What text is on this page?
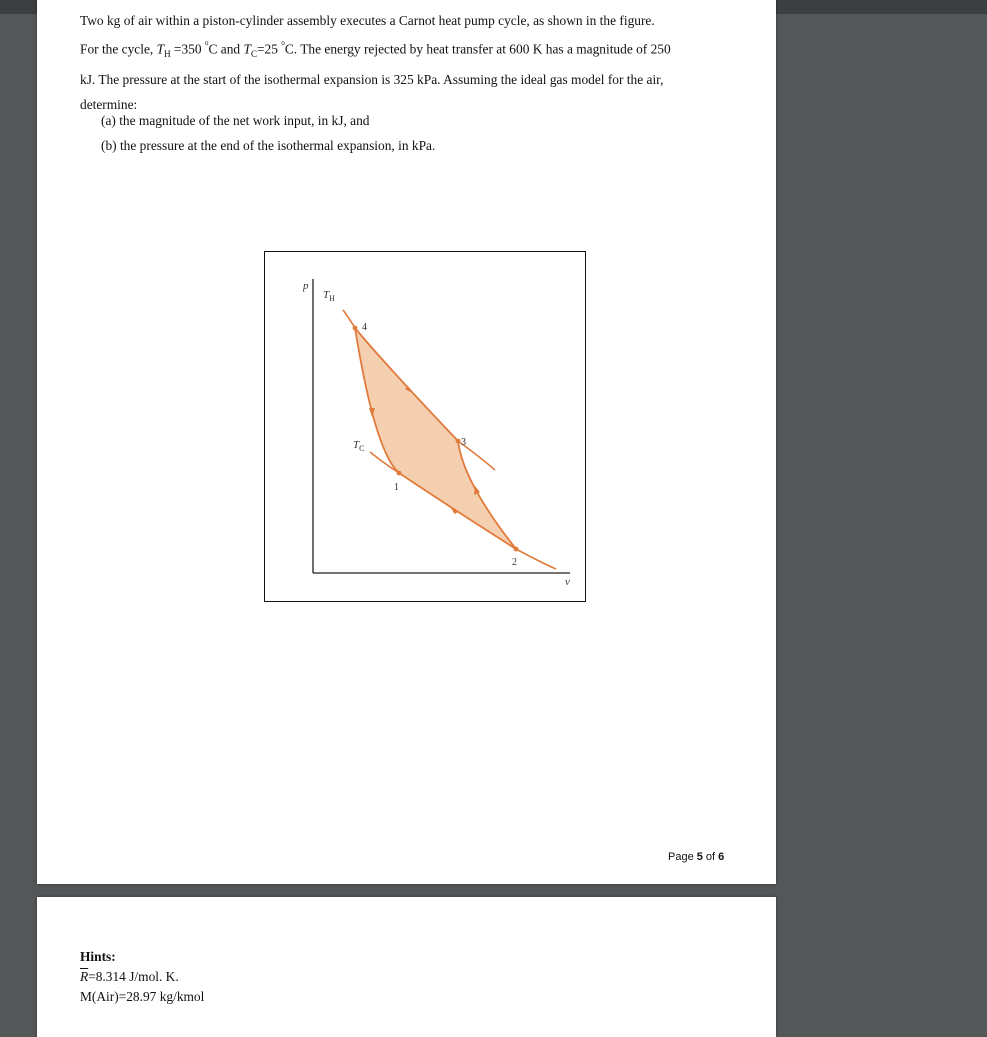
Two kg of air within a piston-cylinder assembly executes a Carnot heat pump cycle, as shown in the figure.

For the cycle, $T_H =350$ $^{^0}$C and $T_C=25$ $^{^0}$C. The energy rejected by heat transfer at 600 K has a magnitude of 250

kJ. The pressure at the start of the isothermal expansion is 325 kPa. Assuming the ideal gas model for the air,

determine:

(a) the magnitude of the net work input, in kJ, and
(b) the pressure at the end of the isothermal expansion, in kPa.
p
v
$T_H$
$T_C$
4
3
1
2
Page 5 of 6
Hints:
$\overline{R}=8.314$ J/mol. K.
M(Air)=28.97 kg/kmol
